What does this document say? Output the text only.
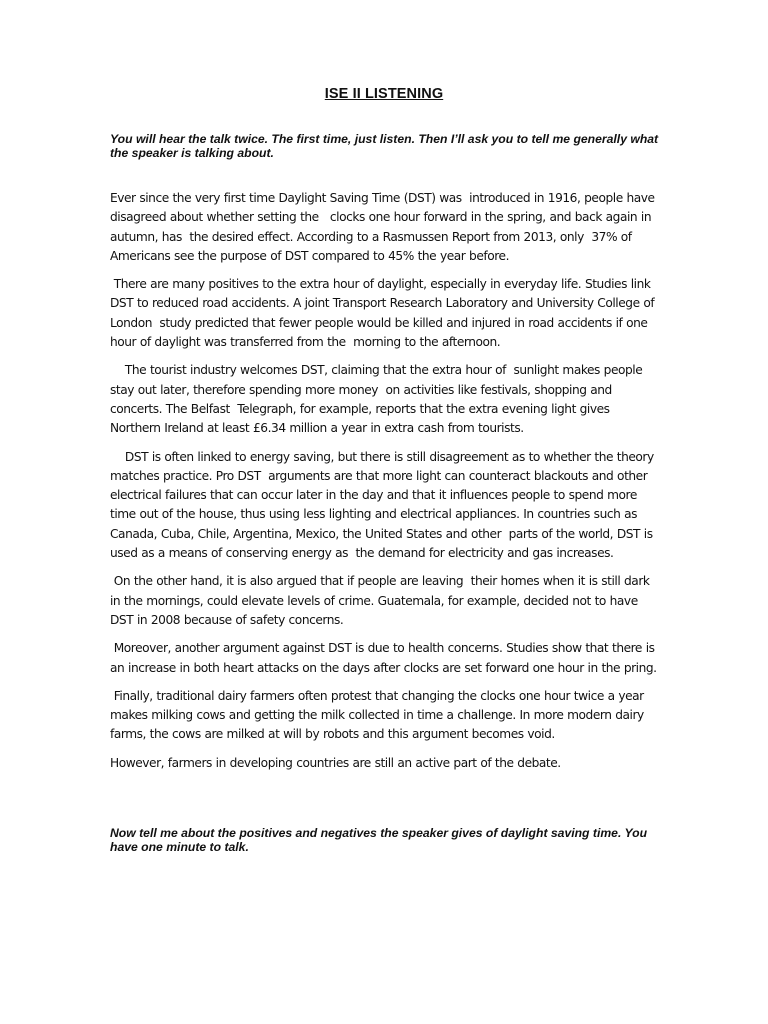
ISE II LISTENING
You will hear the talk twice. The first time, just listen. Then I’ll ask you to tell me generally what the speaker is talking about.

Ever since the very first time Daylight Saving Time (DST) was  introduced in 1916, people have disagreed about whether setting the   clocks one hour forward in the spring, and back again in autumn, has  the desired effect. According to a Rasmussen Report from 2013, only  37% of Americans see the purpose of DST compared to 45% the year before.

There are many positives to the extra hour of daylight, especially in everyday life. Studies link DST to reduced road accidents. A joint Transport Research Laboratory and University College of London  study predicted that fewer people would be killed and injured in road accidents if one hour of daylight was transferred from the  morning to the afternoon.

The tourist industry welcomes DST, claiming that the extra hour of  sunlight makes people stay out later, therefore spending more money  on activities like festivals, shopping and concerts. The Belfast  Telegraph, for example, reports that the extra evening light gives Northern Ireland at least £6.34 million a year in extra cash from tourists.

DST is often linked to energy saving, but there is still disagreement as to whether the theory matches practice. Pro DST  arguments are that more light can counteract blackouts and other electrical failures that can occur later in the day and that it influences people to spend more time out of the house, thus using less lighting and electrical appliances. In countries such as Canada, Cuba, Chile, Argentina, Mexico, the United States and other  parts of the world, DST is used as a means of conserving energy as  the demand for electricity and gas increases.

On the other hand, it is also argued that if people are leaving  their homes when it is still dark in the mornings, could elevate levels of crime. Guatemala, for example, decided not to have DST in 2008 because of safety concerns.

Moreover, another argument against DST is due to health concerns. Studies show that there is an increase in both heart attacks on the days after clocks are set forward one hour in the pring.

Finally, traditional dairy farmers often protest that changing the clocks one hour twice a year makes milking cows and getting the milk collected in time a challenge. In more modern dairy farms, the cows are milked at will by robots and this argument becomes void.

However, farmers in developing countries are still an active part of the debate.

Now tell me about the positives and negatives the speaker gives of daylight saving time. You have one minute to talk.
